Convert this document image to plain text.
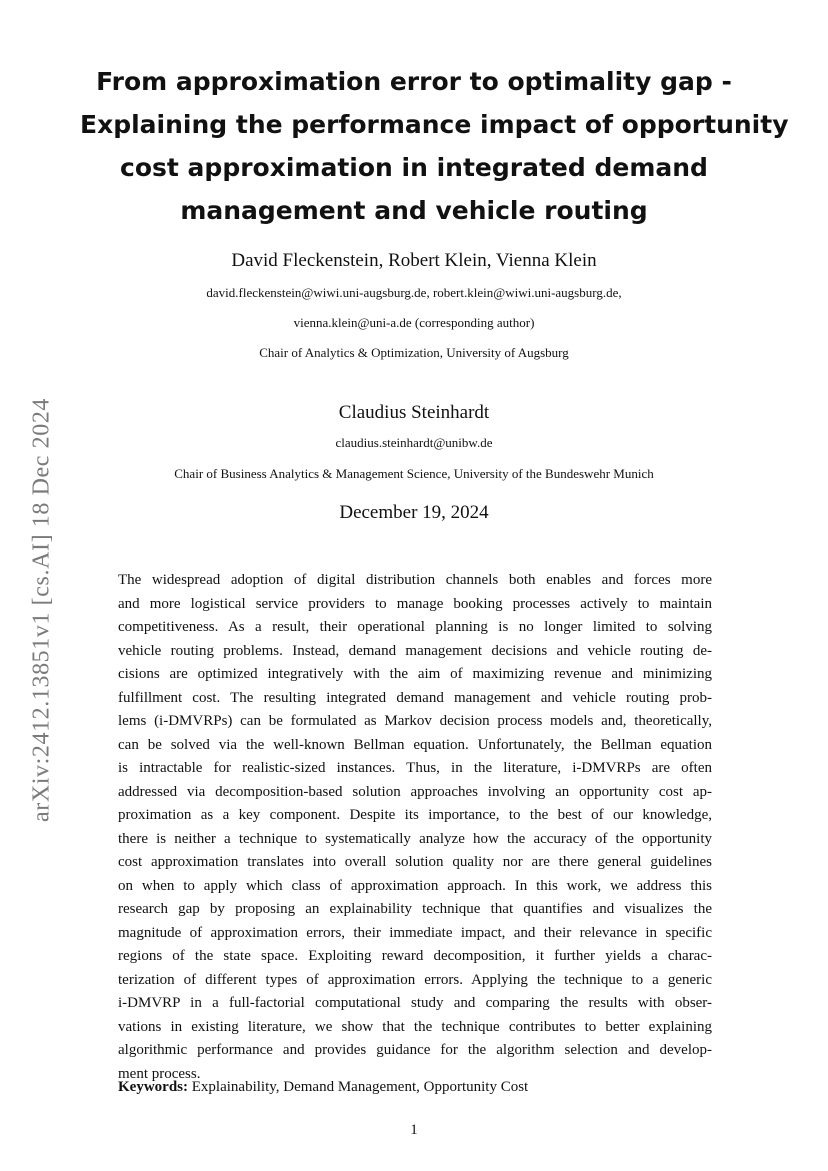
arXiv:2412.13851v1 [cs.AI] 18 Dec 2024
From approximation error to optimality gap -
Explaining the performance impact of opportunity
cost approximation in integrated demand
management and vehicle routing
David Fleckenstein, Robert Klein, Vienna Klein
david.fleckenstein@wiwi.uni-augsburg.de, robert.klein@wiwi.uni-augsburg.de,
vienna.klein@uni-a.de (corresponding author)
Chair of Analytics & Optimization, University of Augsburg
Claudius Steinhardt
claudius.steinhardt@unibw.de
Chair of Business Analytics & Management Science, University of the Bundeswehr Munich
December 19, 2024
The widespread adoption of digital distribution channels both enables and forces more
and more logistical service providers to manage booking processes actively to maintain
competitiveness. As a result, their operational planning is no longer limited to solving
vehicle routing problems. Instead, demand management decisions and vehicle routing de-
cisions are optimized integratively with the aim of maximizing revenue and minimizing
fulfillment cost. The resulting integrated demand management and vehicle routing prob-
lems (i-DMVRPs) can be formulated as Markov decision process models and, theoretically,
can be solved via the well-known Bellman equation. Unfortunately, the Bellman equation
is intractable for realistic-sized instances. Thus, in the literature, i-DMVRPs are often
addressed via decomposition-based solution approaches involving an opportunity cost ap-
proximation as a key component. Despite its importance, to the best of our knowledge,
there is neither a technique to systematically analyze how the accuracy of the opportunity
cost approximation translates into overall solution quality nor are there general guidelines
on when to apply which class of approximation approach. In this work, we address this
research gap by proposing an explainability technique that quantifies and visualizes the
magnitude of approximation errors, their immediate impact, and their relevance in specific
regions of the state space. Exploiting reward decomposition, it further yields a charac-
terization of different types of approximation errors. Applying the technique to a generic
i-DMVRP in a full-factorial computational study and comparing the results with obser-
vations in existing literature, we show that the technique contributes to better explaining
algorithmic performance and provides guidance for the algorithm selection and develop-
ment process.
Keywords: Explainability, Demand Management, Opportunity Cost
1
